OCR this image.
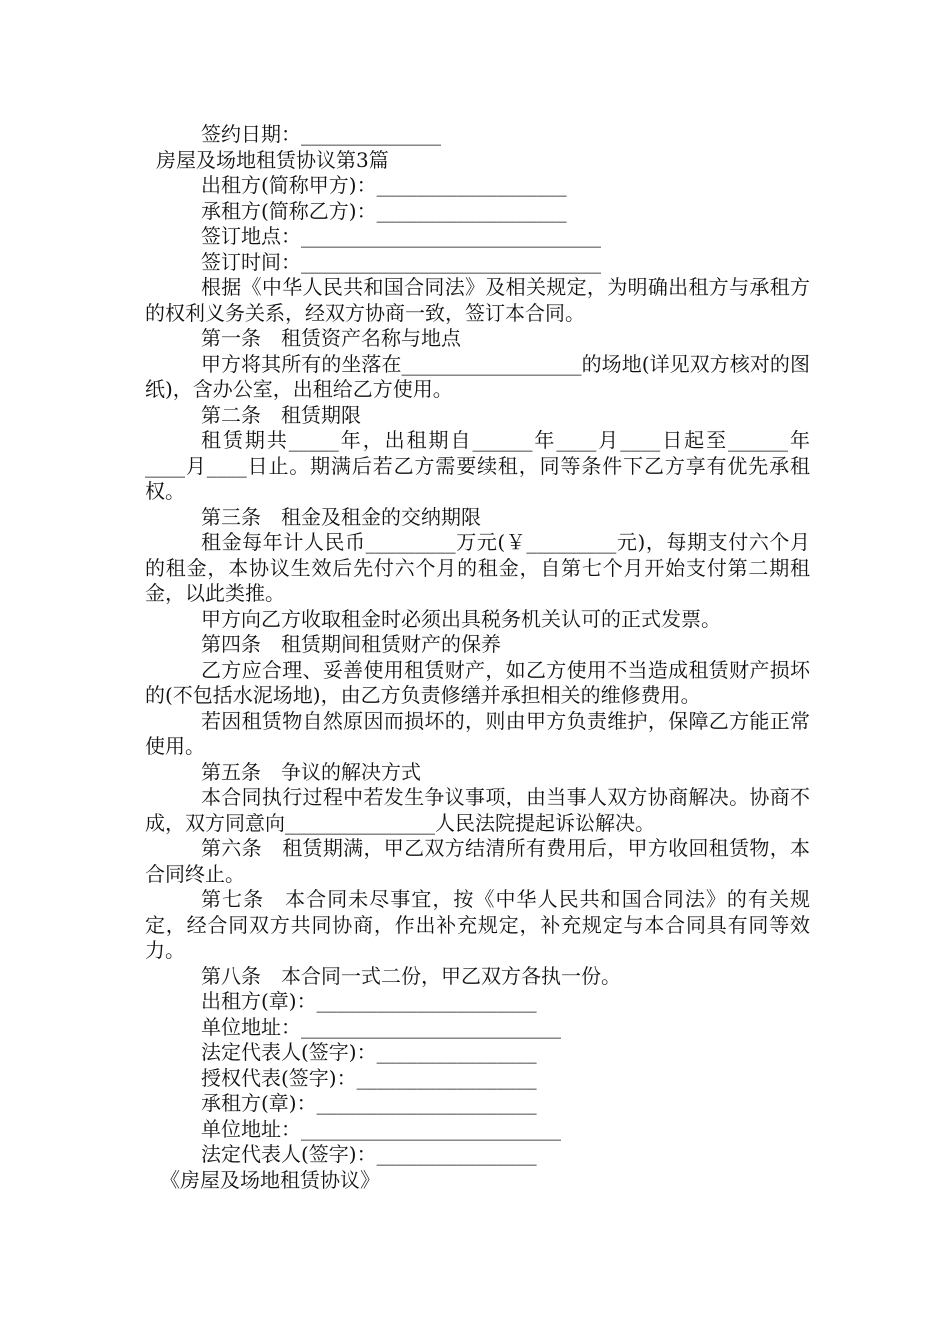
签约日期：______________
房屋及场地租赁协议第3篇
出租方(简称甲方)：___________________
承租方(简称乙方)：___________________
签订地点：______________________________
签订时间：______________________________

根据《中华人民共和国合同法》及相关规定，为明确出租方与承租方的权利义务关系，经双方协商一致，签订本合同。

第一条　租赁资产名称与地点

甲方将其所有的坐落在__________________的场地(详见双方核对的图纸)，含办公室，出租给乙方使用。

第二条　租赁期限

租赁期共_____年，出租期自______年____月____日起至______年____月____日止。期满后若乙方需要续租，同等条件下乙方享有优先承租权。

第三条　租金及租金的交纳期限

租金每年计人民币_________万元(￥_________元)，每期支付六个月的租金，本协议生效后先付六个月的租金，自第七个月开始支付第二期租金，以此类推。

甲方向乙方收取租金时必须出具税务机关认可的正式发票。
第四条　租赁期间租赁财产的保养

乙方应合理、妥善使用租赁财产，如乙方使用不当造成租赁财产损坏的(不包括水泥场地)，由乙方负责修缮并承担相关的维修费用。

若因租赁物自然原因而损坏的，则由甲方负责维护，保障乙方能正常使用。

第五条　争议的解决方式

本合同执行过程中若发生争议事项，由当事人双方协商解决。协商不成，双方同意向_______________人民法院提起诉讼解决。

第六条　租赁期满，甲乙双方结清所有费用后，甲方收回租赁物，本合同终止。

第七条　本合同未尽事宜，按《中华人民共和国合同法》的有关规定，经合同双方共同协商，作出补充规定，补充规定与本合同具有同等效力。

第八条　本合同一式二份，甲乙双方各执一份。
出租方(章)：______________________
单位地址：__________________________
法定代表人(签字)：________________
授权代表(签字)：__________________
承租方(章)：______________________
单位地址：__________________________
法定代表人(签字)：________________
《房屋及场地租赁协议》
